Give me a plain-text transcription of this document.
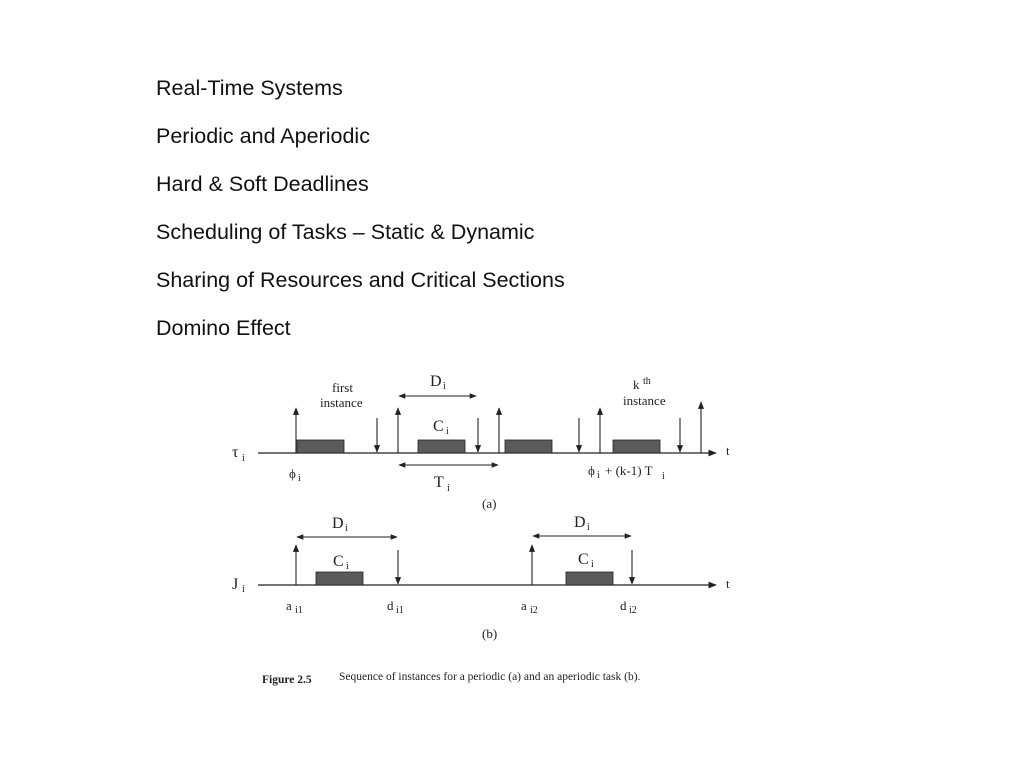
Real-Time Systems
Periodic and Aperiodic
Hard & Soft Deadlines
Scheduling of Tasks – Static & Dynamic
Sharing of Resources and Critical Sections
Domino Effect
t
τ i
first
instance
k th
instance
D i
C i
T i
ϕ i
ϕ i + (k-1) T i
(a)
t
J i
D i
C i
D i
C i
a i1	d i1	a i2	d i2
(b)
Figure 2.5 Sequence of instances for a periodic (a) and an aperiodic task (b).
